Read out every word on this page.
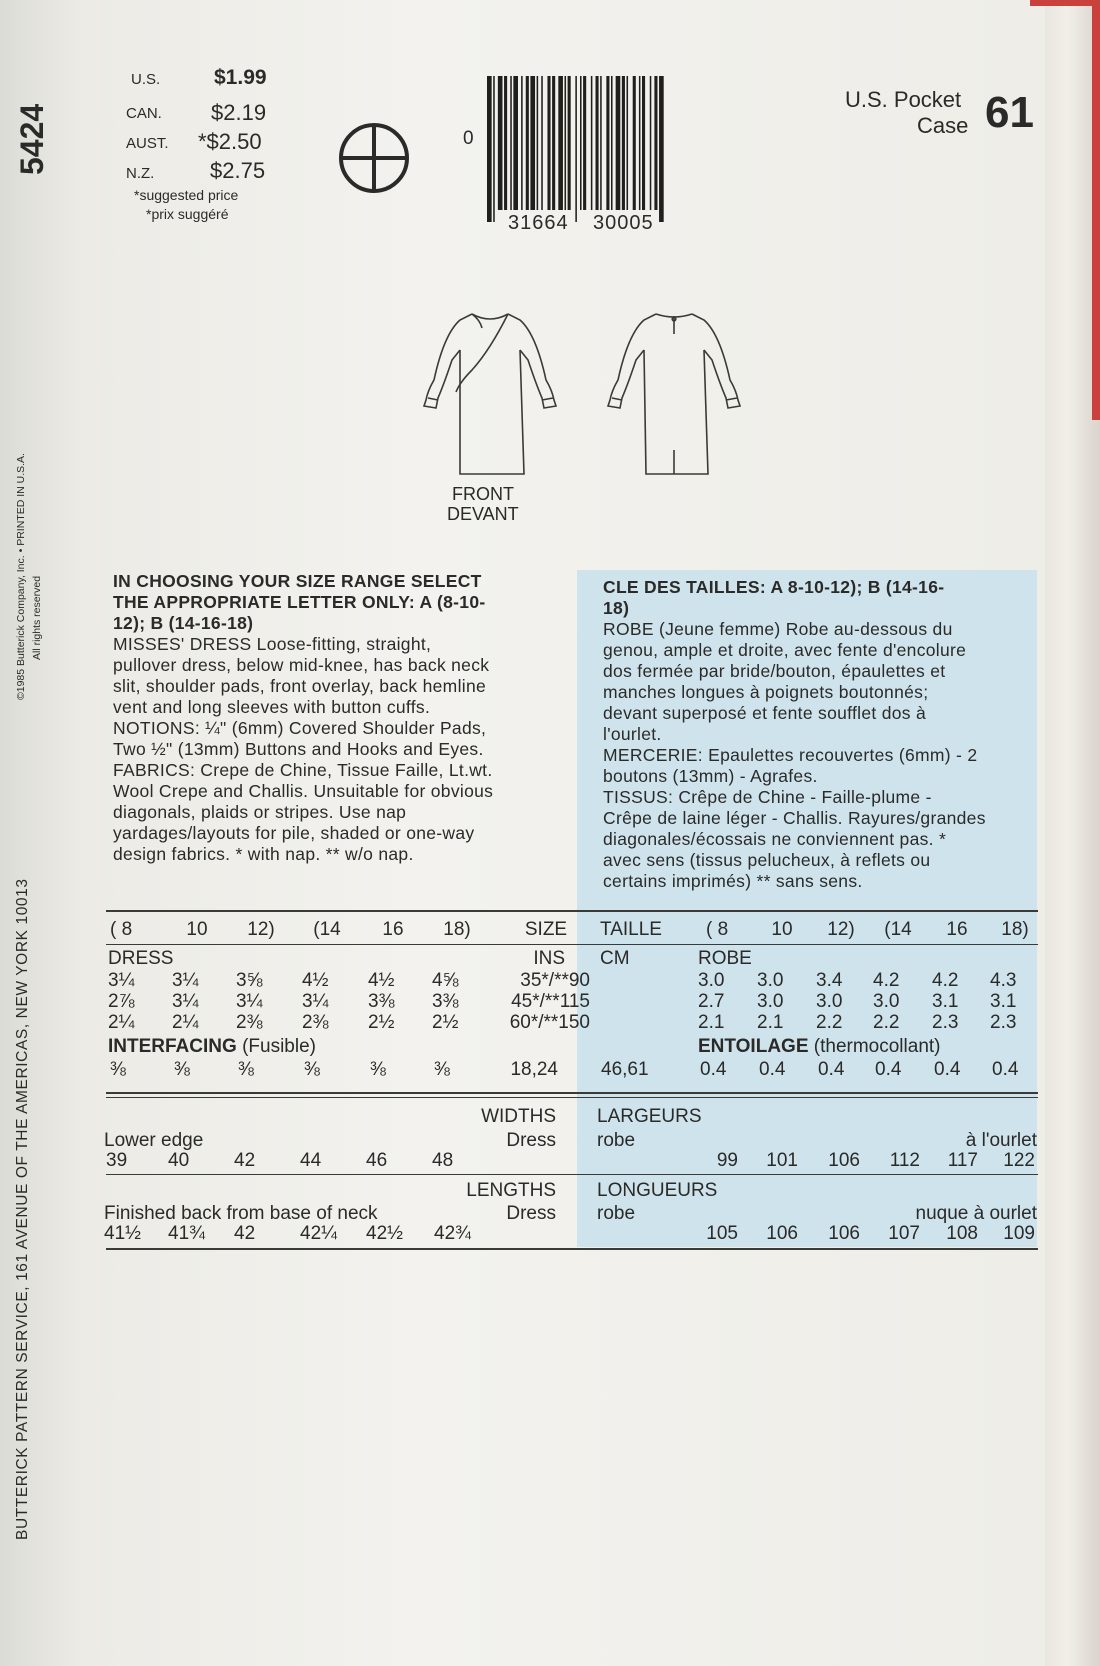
5424
BUTTERICK PATTERN SERVICE, 161 AVENUE OF THE AMERICAS, NEW YORK 10013
©1985 Butterick Company, Inc. • PRINTED IN U.S.A. All rights reserved
U.S.	$1.99
CAN. $2.19
AUST. *$2.50
N.Z.	$2.75
*suggested price
*prix suggéré
0
31664 30005
U.S. Pocket
Case 61
FRONT
DEVANT
IN CHOOSING YOUR SIZE RANGE SELECT
THE APPROPRIATE LETTER ONLY: A (8-10-
12); B (14-16-18)
MISSES' DRESS Loose-fitting, straight,
pullover dress, below mid-knee, has back neck
slit, shoulder pads, front overlay, back hemline
vent and long sleeves with button cuffs.
NOTIONS: ¼" (6mm) Covered Shoulder Pads,
Two ½" (13mm) Buttons and Hooks and Eyes.
FABRICS: Crepe de Chine, Tissue Faille, Lt.wt.
Wool Crepe and Challis. Unsuitable for obvious
diagonals, plaids or stripes. Use nap
yardages/layouts for pile, shaded or one-way
design fabrics. * with nap. ** w/o nap.
CLE DES TAILLES: A 8-10-12); B (14-16-
18)
ROBE (Jeune femme) Robe au-dessous du
genou, ample et droite, avec fente d'encolure
dos fermée par bride/bouton, épaulettes et
manches longues à poignets boutonnés;
devant superposé et fente soufflet dos à
l'ourlet.
MERCERIE: Epaulettes recouvertes (6mm) - 2
boutons (13mm) - Agrafes.
TISSUS: Crêpe de Chine - Faille-plume -
Crêpe de laine léger - Challis. Rayures/grandes
diagonales/écossais ne conviennent pas. *
avec sens (tissus pelucheux, à reflets ou
certains imprimés) ** sans sens.
( 8	10	12)	(14	16	18)	SIZE	TAILLE	( 8	10	12)	(14	16	18)
DRESS	INS CM	ROBE
3¼	3¼	3⅝	4½	4½	4⅝	35*/**90	3.0	3.0	3.4	4.2	4.2	4.3
2⅞	3¼	3¼	3¼	3⅜	3⅜	45*/**115	2.7	3.0	3.0	3.0	3.1	3.1
2¼	2¼	2⅜	2⅜	2½	2½	60*/**150	2.1	2.1	2.2	2.2	2.3	2.3
INTERFACING (Fusible)	ENTOILAGE (thermocollant)
⅜	⅜	⅜	⅜	⅜	⅜	18,24 46,61	0.4	0.4	0.4	0.4	0.4	0.4
WIDTHS LARGEURS
Lower edge	Dress robe	à l'ourlet
39	40	42	44	46	48	99	101	106	112	117	122
LENGTHS LONGUEURS
Finished back from base of neck	Dress robe	nuque à ourlet
41½	41¾	42	42¼	42½	42¾	105	106	106	107	108	109
